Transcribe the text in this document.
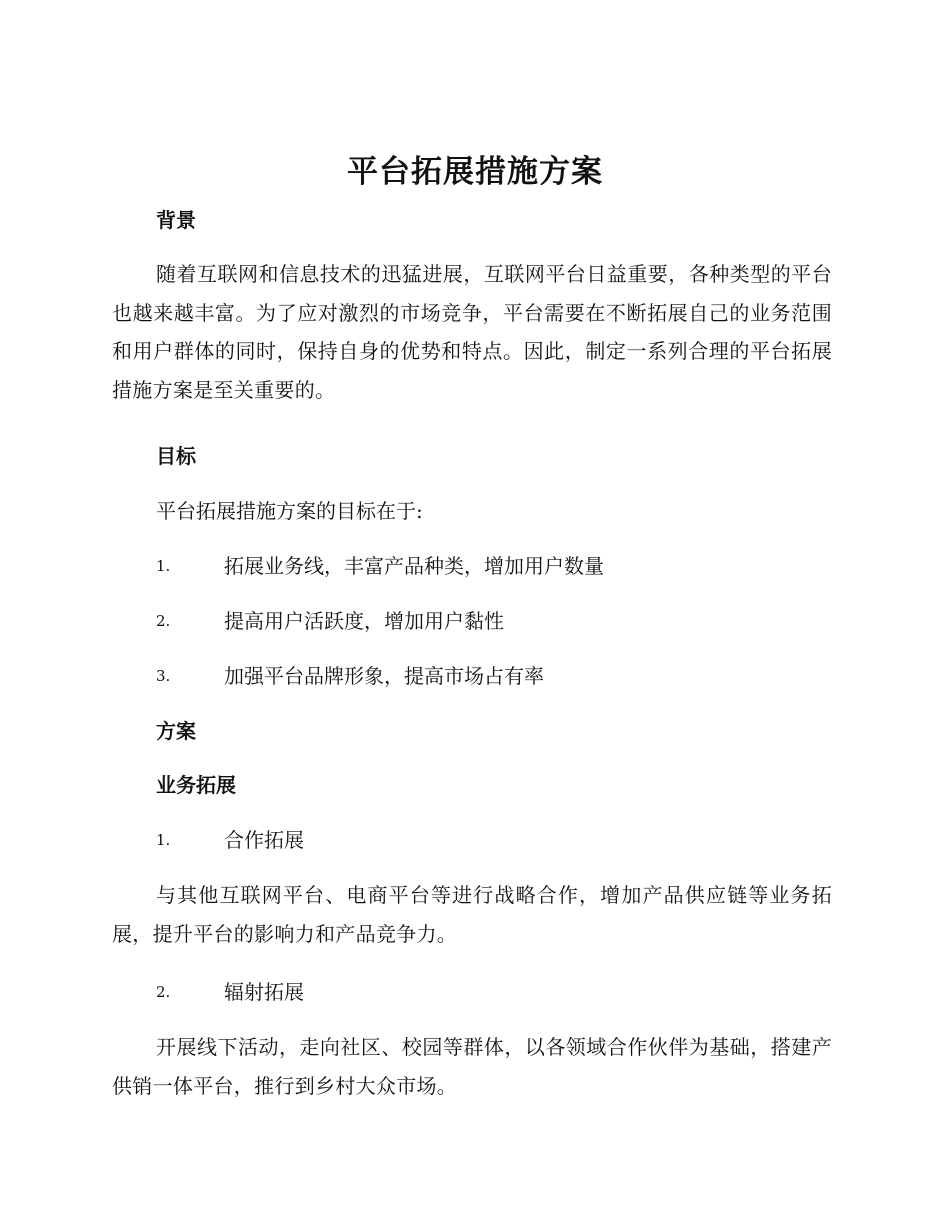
平台拓展措施方案
背景
随着互联网和信息技术的迅猛进展，互联网平台日益重要，各种类型的平台也越来越丰富。为了应对激烈的市场竞争，平台需要在不断拓展自己的业务范围和用户群体的同时，保持自身的优势和特点。因此，制定一系列合理的平台拓展措施方案是至关重要的。
目标
平台拓展措施方案的目标在于:
1.	拓展业务线，丰富产品种类，增加用户数量
2.	提高用户活跃度，增加用户黏性
3.	加强平台品牌形象，提高市场占有率
方案
业务拓展
1.	合作拓展
与其他互联网平台、电商平台等进行战略合作，增加产品供应链等业务拓展，提升平台的影响力和产品竞争力。
2.	辐射拓展
开展线下活动，走向社区、校园等群体，以各领域合作伙伴为基础，搭建产供销一体平台，推行到乡村大众市场。
